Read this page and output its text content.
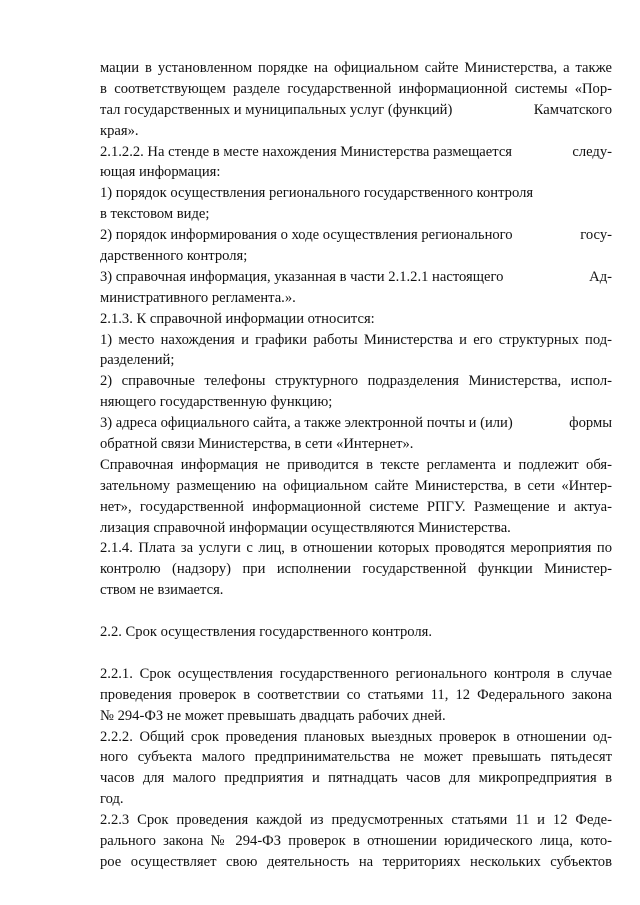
мации в установленном порядке на официальном сайте Министерства, а также
в соответствующем разделе государственной информационной системы «Пор-
тал государственных и муниципальных услуг (функций)	Камчатского
края».
2.1.2.2. На стенде в месте нахождения Министерства размещается	следу-
ющая информация:
1) порядок осуществления регионального государственного контроля
в текстовом виде;
2) порядок информирования о ходе осуществления регионального	госу-
дарственного контроля;
3) справочная информация, указанная в части 2.1.2.1 настоящего	Ад-
министративного регламента.».
2.1.3. К справочной информации относится:
1) место нахождения и графики работы Министерства и его структурных под-
разделений;
2) справочные телефоны структурного подразделения Министерства, испол-
няющего государственную функцию;
3) адреса официального сайта, а также электронной почты и (или)	формы
обратной связи Министерства, в сети «Интернет».
Справочная информация не приводится в тексте регламента и подлежит обя-
зательному размещению на официальном сайте Министерства, в сети «Интер-
нет», государственной информационной системе РПГУ. Размещение и актуа-
лизация справочной информации осуществляются Министерства.
2.1.4. Плата за услуги с лиц, в отношении которых проводятся мероприятия по
контролю (надзору) при исполнении государственной функции Министер-
ством не взимается.
2.2. Срок осуществления государственного контроля.
2.2.1. Срок осуществления государственного регионального контроля в случае
проведения проверок в соответствии со статьями 11, 12 Федерального закона
№ 294-ФЗ не может превышать двадцать рабочих дней.
2.2.2. Общий срок проведения плановых выездных проверок в отношении од-
ного субъекта малого предпринимательства не может превышать пятьдесят
часов для малого предприятия и пятнадцать часов для микропредприятия в
год.
2.2.3 Срок проведения каждой из предусмотренных статьями 11 и 12 Феде-
рального закона № 294-ФЗ проверок в отношении юридического лица, кото-
рое осуществляет свою деятельность на территориях нескольких субъектов
